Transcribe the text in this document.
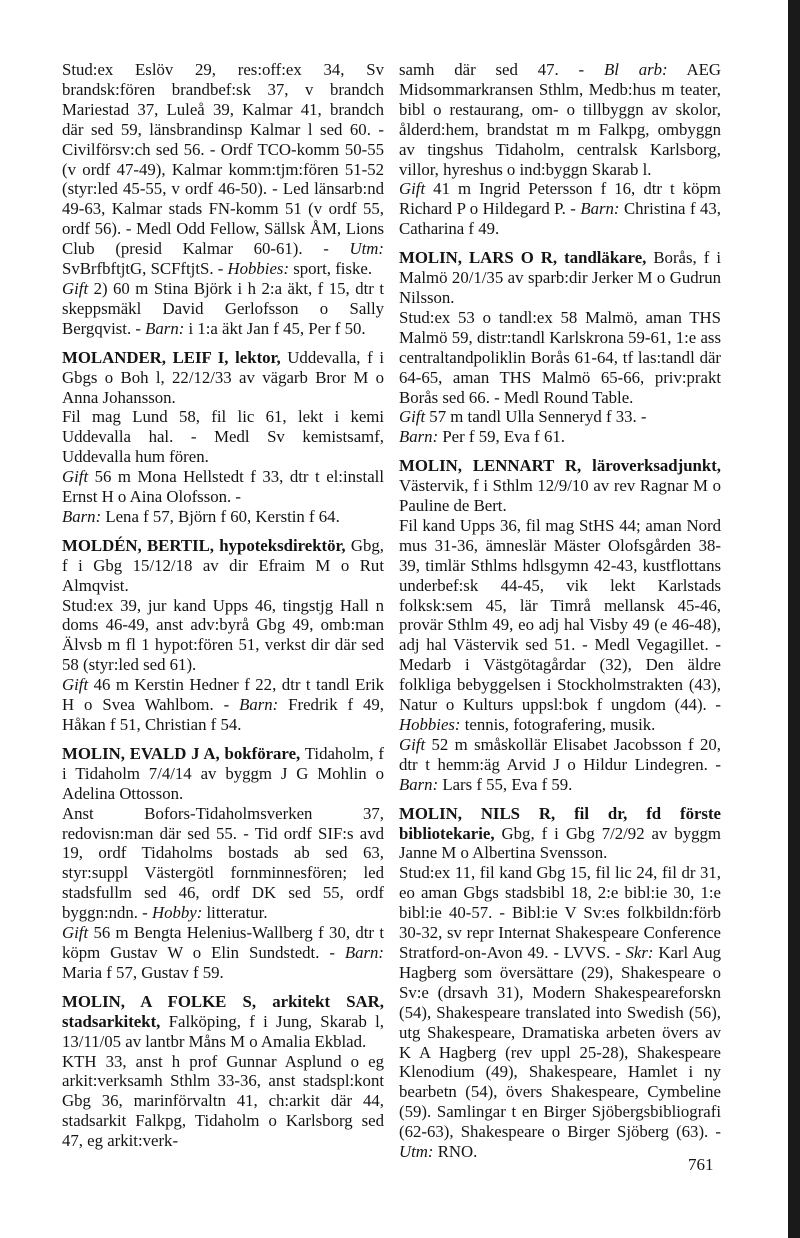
Stud:ex Eslöv 29, res:off:ex 34, Sv brandsk:fören brandbef:sk 37, v brandch Mariestad 37, Luleå 39, Kalmar 41, brandch där sed 59, länsbrandinsp Kalmar l sed 60. - Civilförsv:ch sed 56. - Ordf TCO-komm 50-55 (v ordf 47-49), Kalmar komm:tjm:fören 51-52 (styr:led 45-55, v ordf 46-50). - Led länsarb:nd 49-63, Kalmar stads FN-komm 51 (v ordf 55, ordf 56). - Medl Odd Fellow, Sällsk ÅM, Lions Club (presid Kalmar 60-61). - Utm: SvBrfbftjtG, SCFftjtS. - Hobbies: sport, fiske.

Gift 2) 60 m Stina Björk i h 2:a äkt, f 15, dtr t skeppsmäkl David Gerlofsson o Sally Bergqvist. - Barn: i 1:a äkt Jan f 45, Per f 50.

MOLANDER, LEIF I, lektor, Uddevalla, f i Gbgs o Boh l, 22/12/33 av vägarb Bror M o Anna Johansson.

Fil mag Lund 58, fil lic 61, lekt i kemi Uddevalla hal. - Medl Sv kemistsamf, Uddevalla hum fören.

Gift 56 m Mona Hellstedt f 33, dtr t el:install Ernst H o Aina Olofsson. -
Barn: Lena f 57, Björn f 60, Kerstin f 64.

MOLDÉN, BERTIL, hypoteksdirektör, Gbg, f i Gbg 15/12/18 av dir Efraim M o Rut Almqvist.

Stud:ex 39, jur kand Upps 46, tingstjg Hall n doms 46-49, anst adv:byrå Gbg 49, omb:man Älvsb m fl 1 hypot:fören 51, verkst dir där sed 58 (styr:led sed 61).

Gift 46 m Kerstin Hedner f 22, dtr t tandl Erik H o Svea Wahlbom. - Barn: Fredrik f 49, Håkan f 51, Christian f 54.

MOLIN, EVALD J A, bokförare, Tidaholm, f i Tidaholm 7/4/14 av byggm J G Mohlin o Adelina Ottosson.

Anst Bofors-Tidaholmsverken 37, redovisn:man där sed 55. - Tid ordf SIF:s avd 19, ordf Tidaholms bostads ab sed 63, styr:suppl Västergötl fornminnesfören; led stadsfullm sed 46, ordf DK sed 55, ordf byggn:ndn. - Hobby: litteratur.

Gift 56 m Bengta Helenius-Wallberg f 30, dtr t köpm Gustav W o Elin Sundstedt. - Barn: Maria f 57, Gustav f 59.

MOLIN, A FOLKE S, arkitekt SAR, stadsarkitekt, Falköping, f i Jung, Skarab l, 13/11/05 av lantbr Måns M o Amalia Ekblad.

KTH 33, anst h prof Gunnar Asplund o eg arkit:verksamh Sthlm 33-36, anst stadspl:kont Gbg 36, marinförvaltn 41, ch:arkit där 44, stadsarkit Falkpg, Tidaholm o Karlsborg sed 47, eg arkit:verk-

samh där sed 47. - Bl arb: AEG Midsommarkransen Sthlm, Medb:hus m teater, bibl o restaurang, om- o tillbyggn av skolor, ålderd:hem, brandstat m m Falkpg, ombyggn av tingshus Tidaholm, centralsk Karlsborg, villor, hyreshus o ind:byggn Skarab l.

Gift 41 m Ingrid Petersson f 16, dtr t köpm Richard P o Hildegard P. - Barn: Christina f 43, Catharina f 49.

MOLIN, LARS O R, tandläkare, Borås, f i Malmö 20/1/35 av sparb:dir Jerker M o Gudrun Nilsson.

Stud:ex 53 o tandl:ex 58 Malmö, aman THS Malmö 59, distr:tandl Karlskrona 59-61, 1:e ass centraltandpoliklin Borås 61-64, tf las:tandl där 64-65, aman THS Malmö 65-66, priv:prakt Borås sed 66. - Medl Round Table.

Gift 57 m tandl Ulla Senneryd f 33. -
Barn: Per f 59, Eva f 61.

MOLIN, LENNART R, läroverksadjunkt, Västervik, f i Sthlm 12/9/10 av rev Ragnar M o Pauline de Bert.

Fil kand Upps 36, fil mag StHS 44; aman Nord mus 31-36, ämneslär Mäster Olofsgården 38-39, timlär Sthlms hdlsgymn 42-43, kustflottans underbef:sk 44-45, vik lekt Karlstads folksk:sem 45, lär Timrå mellansk 45-46, provär Sthlm 49, eo adj hal Visby 49 (e 46-48), adj hal Västervik sed 51. - Medl Vegagillet. - Medarb i Västgötagårdar (32), Den äldre folkliga bebyggelsen i Stockholmstrakten (43), Natur o Kulturs uppsl:bok f ungdom (44). - Hobbies: tennis, fotografering, musik.

Gift 52 m småskollär Elisabet Jacobsson f 20, dtr t hemm:äg Arvid J o Hildur Lindegren. - Barn: Lars f 55, Eva f 59.

MOLIN, NILS R, fil dr, fd förste bibliotekarie, Gbg, f i Gbg 7/2/92 av byggm Janne M o Albertina Svensson.

Stud:ex 11, fil kand Gbg 15, fil lic 24, fil dr 31, eo aman Gbgs stadsbibl 18, 2:e bibl:ie 30, 1:e bibl:ie 40-57. - Bibl:ie V Sv:es folkbildn:förb 30-32, sv repr Internat Shakespeare Conference Stratford-on-Avon 49. - LVVS. - Skr: Karl Aug Hagberg som översättare (29), Shakespeare o Sv:e (drsavh 31), Modern Shakespeareforskn (54), Shakespeare translated into Swedish (56), utg Shakespeare, Dramatiska arbeten övers av K A Hagberg (rev uppl 25-28), Shakespeare Klenodium (49), Shakespeare, Hamlet i ny bearbetn (54), övers Shakespeare, Cymbeline (59). Samlingar t en Birger Sjöbergsbibliografi (62-63), Shakespeare o Birger Sjöberg (63). - Utm: RNO.

761
